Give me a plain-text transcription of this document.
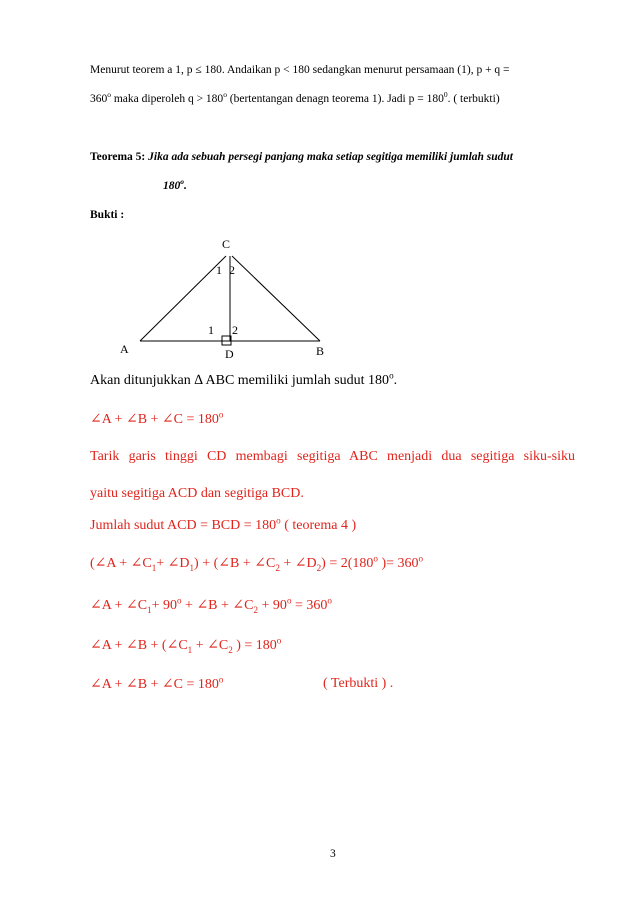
Menurut teorem a 1, p ≤ 180. Andaikan p < 180 sedangkan menurut persamaan (1), p + q =
$360^o$ maka diperoleh $q > 180^o$ (bertentangan denagn teorema 1). Jadi $p = 180^0$. ( terbukti)
Teorema 5: Jika ada sebuah persegi panjang maka setiap segitiga memiliki jumlah sudut
180$^o$.
Bukti :
C
1 2
1 2
A	D	B
Akan ditunjukkan ∆ ABC memiliki jumlah sudut 180$^o$.
∠A + ∠B + ∠C = $180^o$
Tarik garis tinggi CD membagi segitiga ABC menjadi dua segitiga siku-siku
yaitu segitiga ACD dan segitiga BCD.
Jumlah sudut ACD = BCD = $180^o$ ( teorema 4 )
(∠A + $\angle C_1+$ $\angle D_1$) + (∠B + $\angle C_2$ + $\angle D_2) = 2(180^o$ )= $360^o$
∠A + $\angle C_1+ 90^o$ + ∠B + $\angle C_2 + 90^o = 360^o$
∠A + ∠B + ($\angle C_1$ + $\angle C_2$ ) = $180^o$
∠A + ∠B + ∠C = $180^o$	( Terbukti ) .
3
